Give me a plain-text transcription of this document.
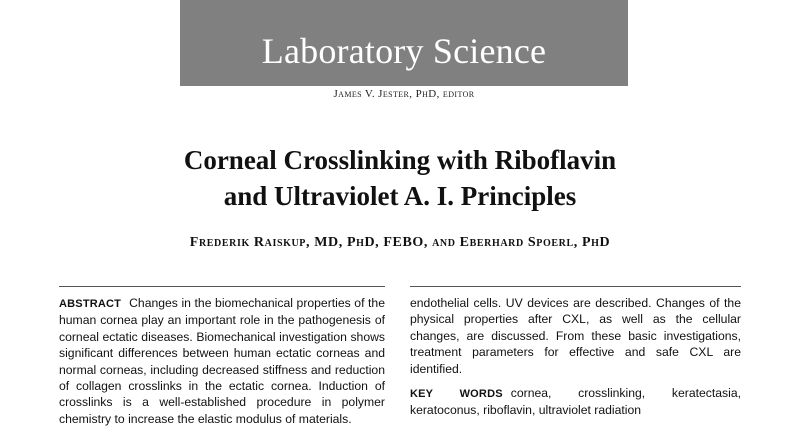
Laboratory Science
James V. Jester, PhD, editor
Corneal Crosslinking with Riboflavin
and Ultraviolet A. I. Principles
Frederik Raiskup, MD, PhD, FEBO, and Eberhard Spoerl, PhD

ABSTRACT Changes in the biomechanical properties of the human cornea play an important role in the pathogenesis of corneal ectatic diseases. Biomechanical investigation shows significant differences between human ectatic corneas and normal corneas, including decreased stiffness and reduction of collagen crosslinks in the ectatic cornea. Induction of crosslinks is a well-established procedure in polymer chemistry to increase the elastic modulus of materials.

endothelial cells. UV devices are described. Changes of the physical properties after CXL, as well as the cellular changes, are discussed. From these basic investigations, treatment parameters for effective and safe CXL are identified.

KEY WORDS cornea, crosslinking, keratectasia, keratoconus, riboflavin, ultraviolet radiation
